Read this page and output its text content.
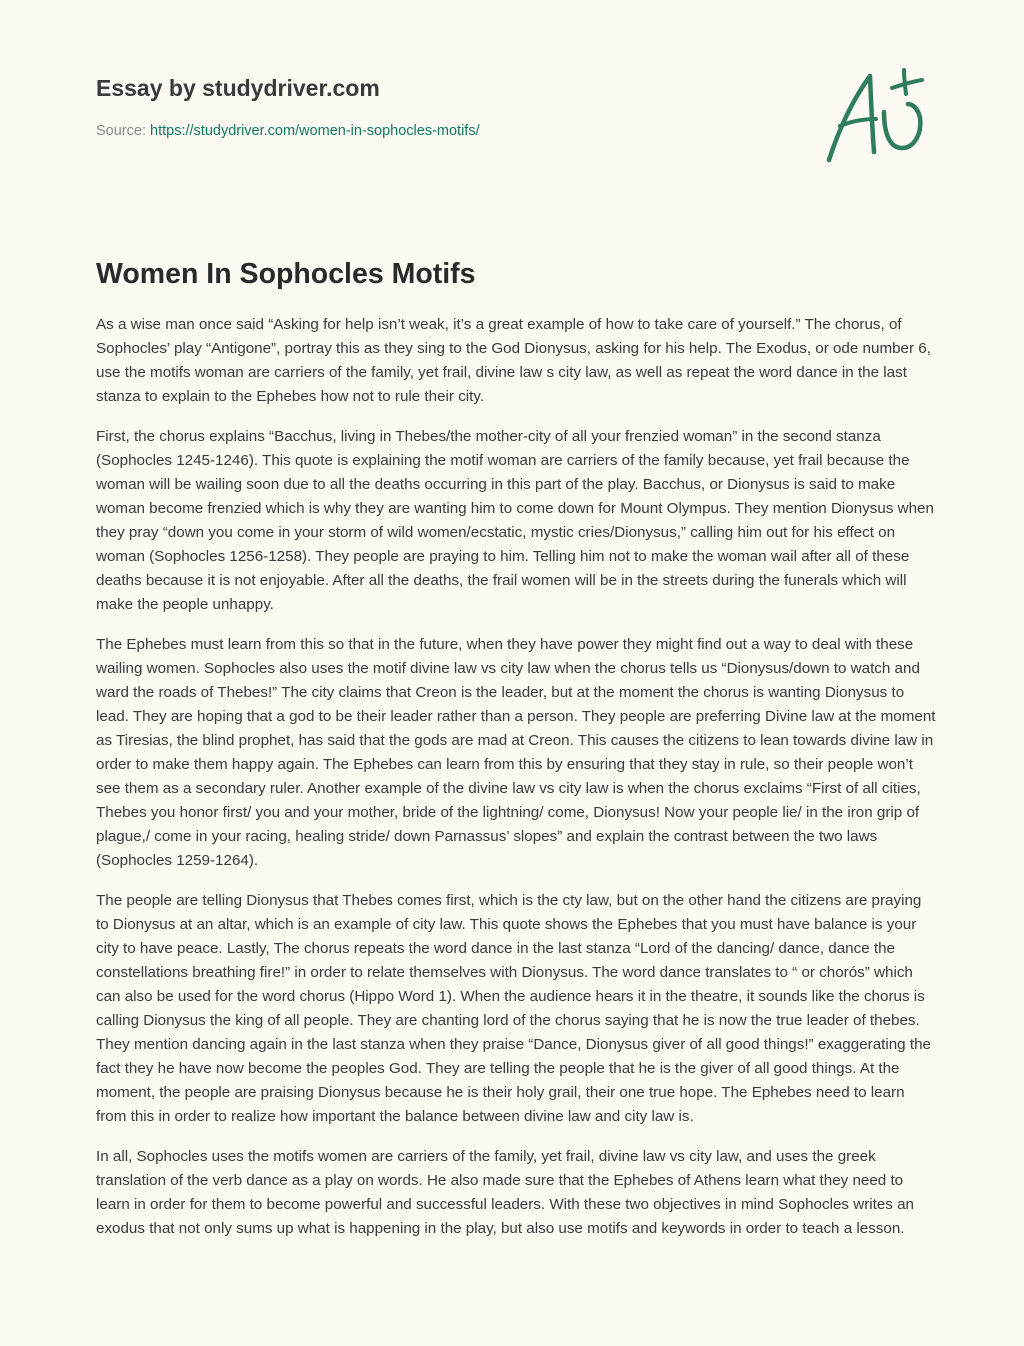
Essay by studydriver.com
Source: https://studydriver.com/women-in-sophocles-motifs/
Women In Sophocles Motifs

As a wise man once said “Asking for help isn’t weak, it’s a great example of how to take care of yourself.” The chorus, of Sophocles’ play “Antigone”, portray this as they sing to the God Dionysus, asking for his help. The Exodus, or ode number 6, use the motifs woman are carriers of the family, yet frail, divine law s city law, as well as repeat the word dance in the last stanza to explain to the Ephebes how not to rule their city.

First, the chorus explains “Bacchus, living in Thebes/the mother-city of all your frenzied woman” in the second stanza (Sophocles 1245-1246). This quote is explaining the motif woman are carriers of the family because, yet frail because the woman will be wailing soon due to all the deaths occurring in this part of the play. Bacchus, or Dionysus is said to make woman become frenzied which is why they are wanting him to come down for Mount Olympus. They mention Dionysus when they pray “down you come in your storm of wild women/ecstatic, mystic cries/Dionysus,” calling him out for his effect on woman (Sophocles 1256-1258). They people are praying to him. Telling him not to make the woman wail after all of these deaths because it is not enjoyable. After all the deaths, the frail women will be in the streets during the funerals which will make the people unhappy.

The Ephebes must learn from this so that in the future, when they have power they might find out a way to deal with these wailing women. Sophocles also uses the motif divine law vs city law when the chorus tells us “Dionysus/down to watch and ward the roads of Thebes!” The city claims that Creon is the leader, but at the moment the chorus is wanting Dionysus to lead. They are hoping that a god to be their leader rather than a person. They people are preferring Divine law at the moment as Tiresias, the blind prophet, has said that the gods are mad at Creon. This causes the citizens to lean towards divine law in order to make them happy again. The Ephebes can learn from this by ensuring that they stay in rule, so their people won’t see them as a secondary ruler. Another example of the divine law vs city law is when the chorus exclaims “First of all cities, Thebes you honor first/ you and your mother, bride of the lightning/ come, Dionysus! Now your people lie/ in the iron grip of plague,/ come in your racing, healing stride/ down Parnassus’ slopes” and explain the contrast between the two laws (Sophocles 1259-1264).

The people are telling Dionysus that Thebes comes first, which is the cty law, but on the other hand the citizens are praying to Dionysus at an altar, which is an example of city law. This quote shows the Ephebes that you must have balance is your city to have peace. Lastly, The chorus repeats the word dance in the last stanza “Lord of the dancing/ dance, dance the constellations breathing fire!” in order to relate themselves with Dionysus. The word dance translates to “ or chorós” which can also be used for the word chorus (Hippo Word 1). When the audience hears it in the theatre, it sounds like the chorus is calling Dionysus the king of all people. They are chanting lord of the chorus saying that he is now the true leader of thebes. They mention dancing again in the last stanza when they praise “Dance, Dionysus giver of all good things!” exaggerating the fact they he have now become the peoples God. They are telling the people that he is the giver of all good things. At the moment, the people are praising Dionysus because he is their holy grail, their one true hope. The Ephebes need to learn from this in order to realize how important the balance between divine law and city law is.

In all, Sophocles uses the motifs women are carriers of the family, yet frail, divine law vs city law, and uses the greek translation of the verb dance as a play on words. He also made sure that the Ephebes of Athens learn what they need to learn in order for them to become powerful and successful leaders. With these two objectives in mind Sophocles writes an exodus that not only sums up what is happening in the play, but also use motifs and keywords in order to teach a lesson.
